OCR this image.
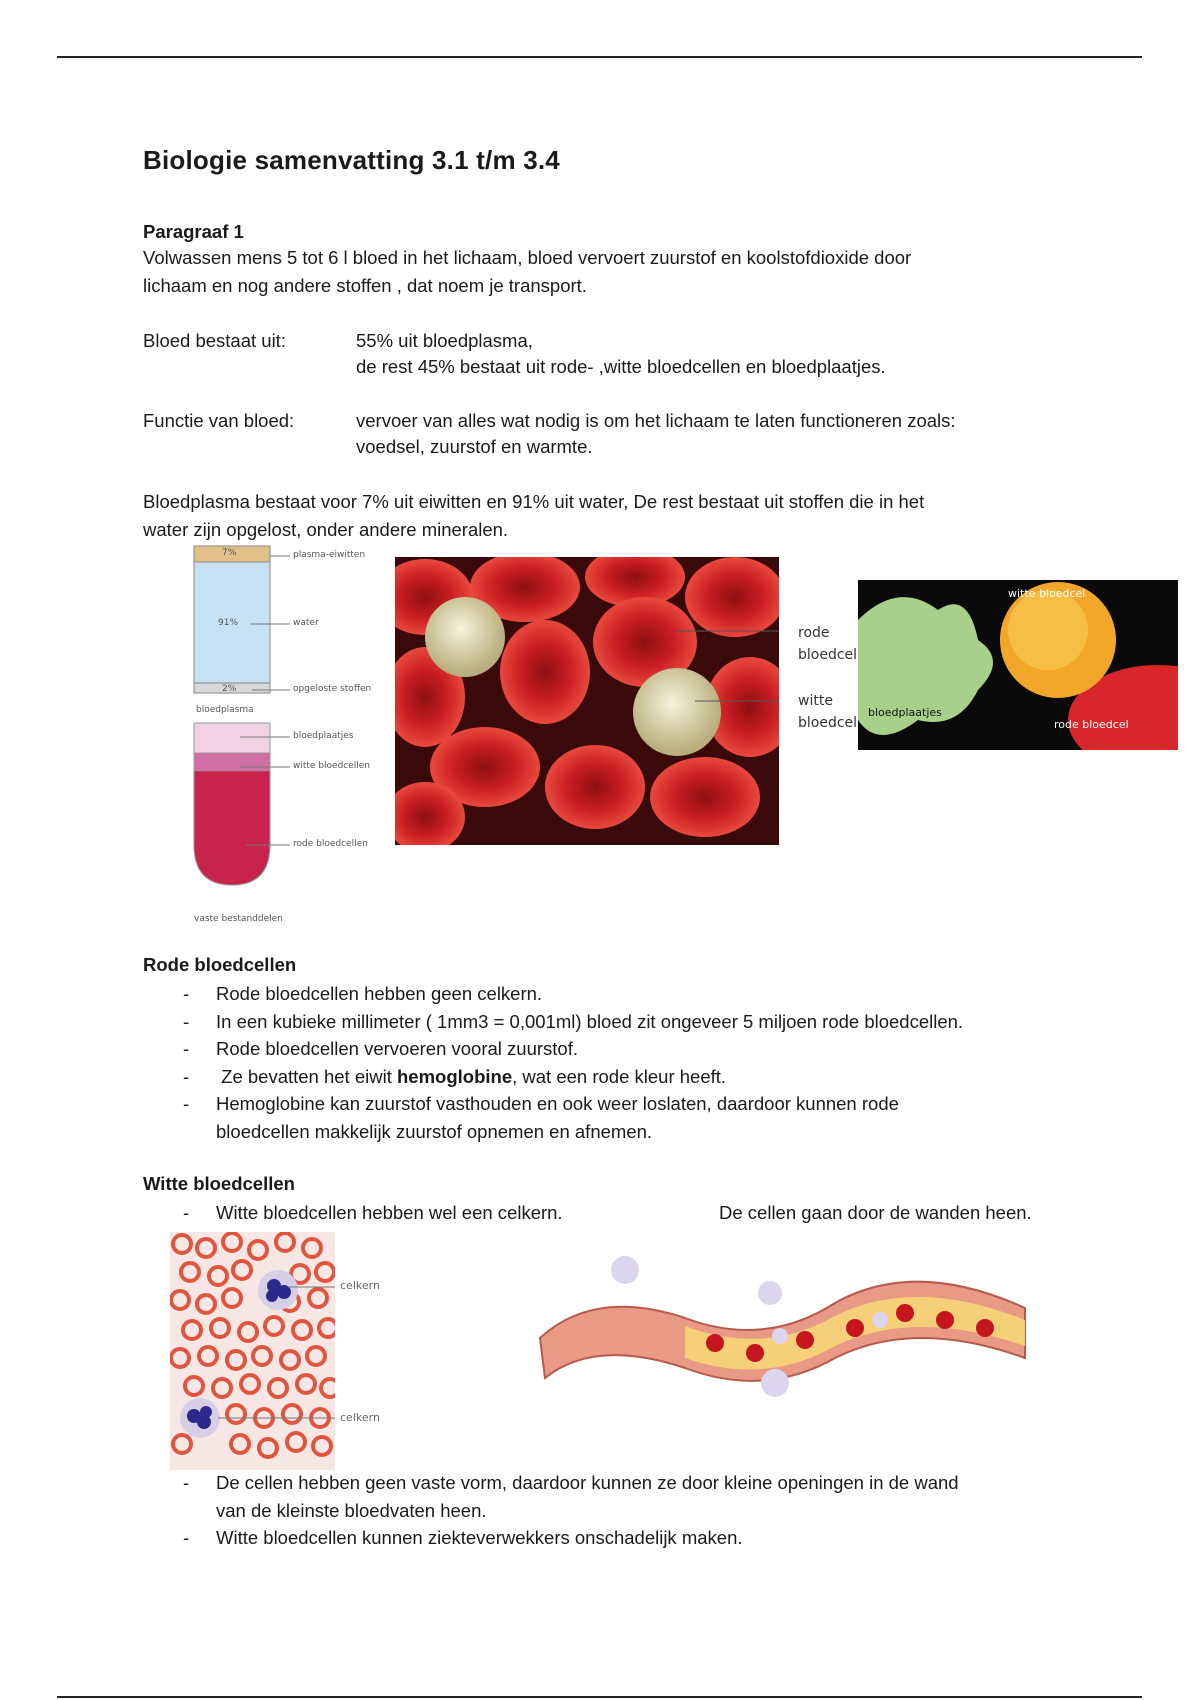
Biologie samenvatting 3.1 t/m 3.4
Paragraaf 1
Volwassen mens 5 tot 6 l bloed in het lichaam, bloed vervoert zuurstof en koolstofdioxide door
lichaam en nog andere stoffen , dat noem je transport.
Bloed bestaat uit:	55% uit bloedplasma,
de rest 45% bestaat uit rode- ,witte bloedcellen en bloedplaatjes.
Functie van bloed:	vervoer van alles wat nodig is om het lichaam te laten functioneren zoals:
voedsel, zuurstof en warmte.
Bloedplasma bestaat voor 7% uit eiwitten en 91% uit water, De rest bestaat uit stoffen die in het
water zijn opgelost, onder andere mineralen.
7%
91%
2%
plasma-eiwitten
water
opgeloste stoffen
bloedplasma
bloedplaatjes
witte bloedcellen
rode bloedcellen
vaste bestanddelen
rode
bloedcel
witte
bloedcel
witte bloedcel
bloedplaatjes
rode bloedcel
Rode bloedcellen
- Rode bloedcellen hebben geen celkern.
- In een kubieke millimeter ( 1mm3 = 0,001ml) bloed zit ongeveer 5 miljoen rode bloedcellen.
- Rode bloedcellen vervoeren vooral zuurstof.
-  Ze bevatten het eiwit hemoglobine, wat een rode kleur heeft.
- Hemoglobine kan zuurstof vasthouden en ook weer loslaten, daardoor kunnen rode
bloedcellen makkelijk zuurstof opnemen en afnemen.
Witte bloedcellen
- Witte bloedcellen hebben wel een celkern.	De cellen gaan door de wanden heen.
celkern
celkern
- De cellen hebben geen vaste vorm, daardoor kunnen ze door kleine openingen in de wand
van de kleinste bloedvaten heen.
- Witte bloedcellen kunnen ziekteverwekkers onschadelijk maken.
